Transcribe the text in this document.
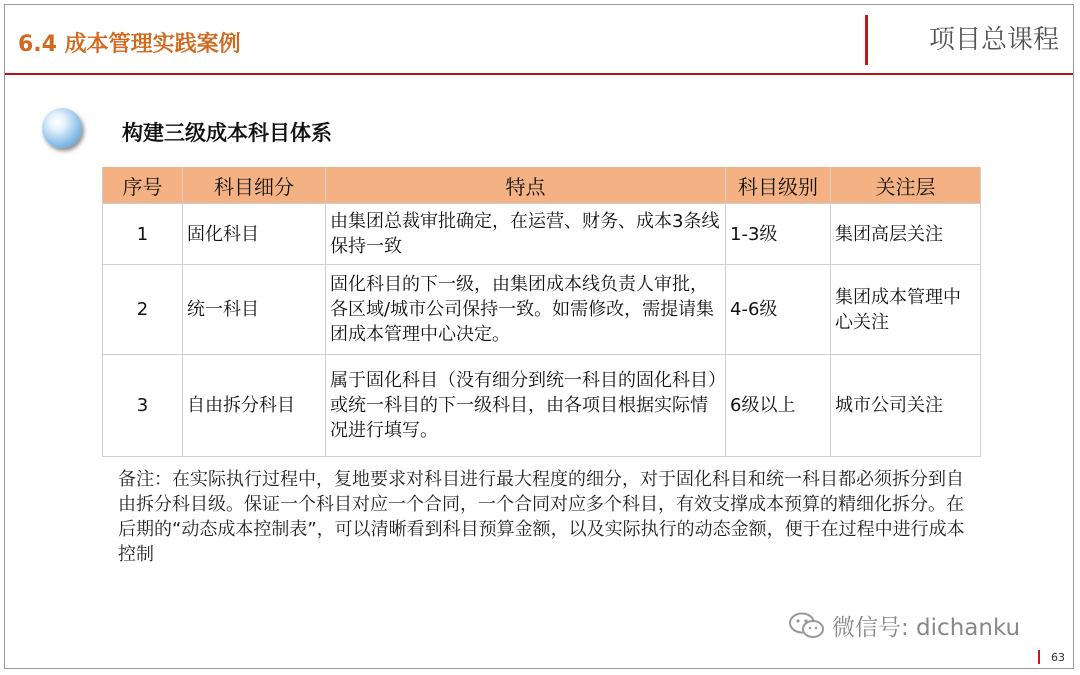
6.4 成本管理实践案例	项目总课程
构建三级成本科目体系
序号	科目细分	特点	科目级别	关注层
1	固化科目	由集团总裁审批确定，在运营、财务、成本3条线保持一致	1-3级	集团高层关注
2	统一科目	固化科目的下一级，由集团成本线负责人审批，各区域/城市公司保持一致。如需修改，需提请集团成本管理中心决定。	4-6级	集团成本管理中心关注
3	自由拆分科目	属于固化科目（没有细分到统一科目的固化科目）或统一科目的下一级科目，由各项目根据实际情况进行填写。	6级以上	城市公司关注
备注：在实际执行过程中，复地要求对科目进行最大程度的细分，对于固化科目和统一科目都必须拆分到自由拆分科目级。保证一个科目对应一个合同，一个合同对应多个科目，有效支撑成本预算的精细化拆分。在后期的“动态成本控制表”，可以清晰看到科目预算金额，以及实际执行的动态金额，便于在过程中进行成本控制
微信号: dichanku
63
